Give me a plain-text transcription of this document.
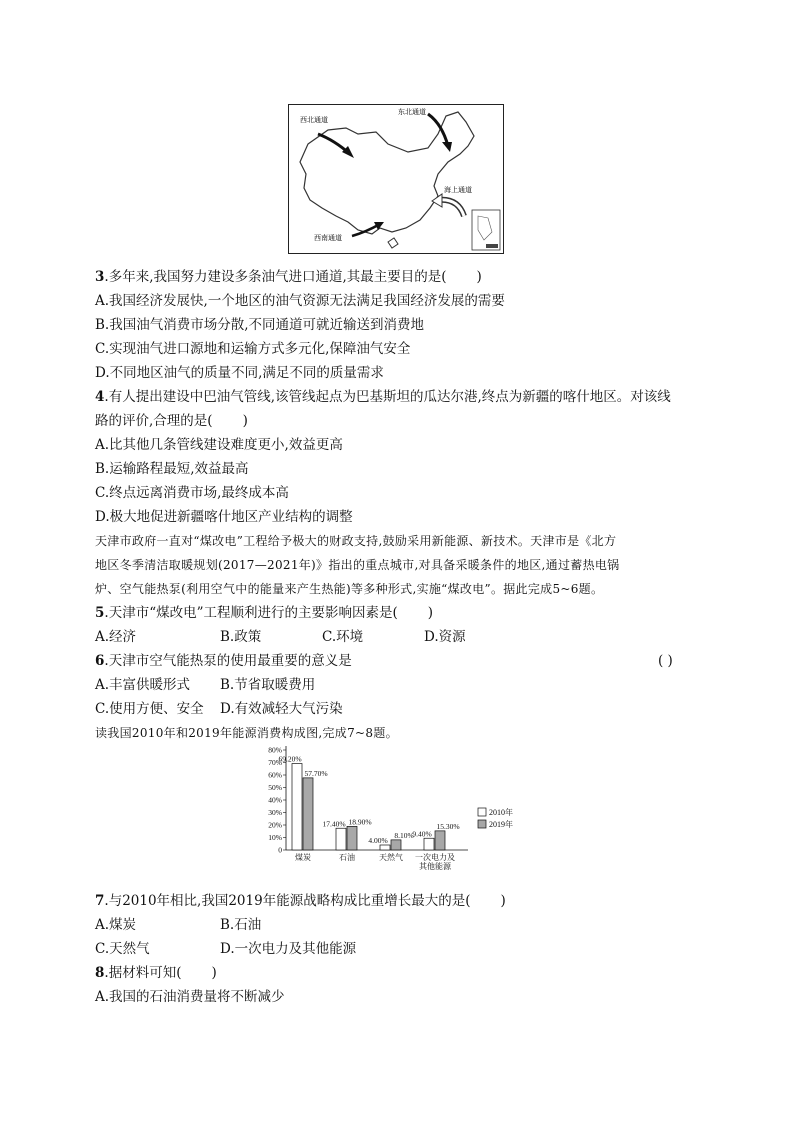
西北通道
东北通道
海上通道
西南通道
3.多年来,我国努力建设多条油气进口通道,其最主要目的是( )
A.我国经济发展快,一个地区的油气资源无法满足我国经济发展的需要
B.我国油气消费市场分散,不同通道可就近输送到消费地
C.实现油气进口源地和运输方式多元化,保障油气安全
D.不同地区油气的质量不同,满足不同的质量需求
4.有人提出建设中巴油气管线,该管线起点为巴基斯坦的瓜达尔港,终点为新疆的喀什地区。对该线
路的评价,合理的是( )
A.比其他几条管线建设难度更小,效益更高
B.运输路程最短,效益最高
C.终点远离消费市场,最终成本高
D.极大地促进新疆喀什地区产业结构的调整
天津市政府一直对“煤改电”工程给予极大的财政支持,鼓励采用新能源、新技术。天津市是《北方
地区冬季清洁取暖规划(2017—2021年)》指出的重点城市,对具备采暖条件的地区,通过蓄热电锅
炉、空气能热泵(利用空气中的能量来产生热能)等多种形式,实施“煤改电”。据此完成5~6题。
5.天津市“煤改电”工程顺利进行的主要影响因素是( )
A.经济	B.政策	C.环境	D.资源
6.天津市空气能热泵的使用最重要的意义是	( )
A.丰富供暖形式 B.节省取暖费用
C.使用方便、安全 D.有效减轻大气污染
读我国2010年和2019年能源消费构成图,完成7~8题。
0
10%
20%
30%
40%
50%
60%
70%
80%
69.20%
57.70%
煤炭
17.40% 18.90%
石油
4.00%
8.10%
天然气
9.40%
15.30%
一次电力及
其他能源
2010年
2019年
7.与2010年相比,我国2019年能源战略构成比重增长最大的是( )
A.煤炭	B.石油
C.天然气	D.一次电力及其他能源
8.据材料可知( )
A.我国的石油消费量将不断减少
